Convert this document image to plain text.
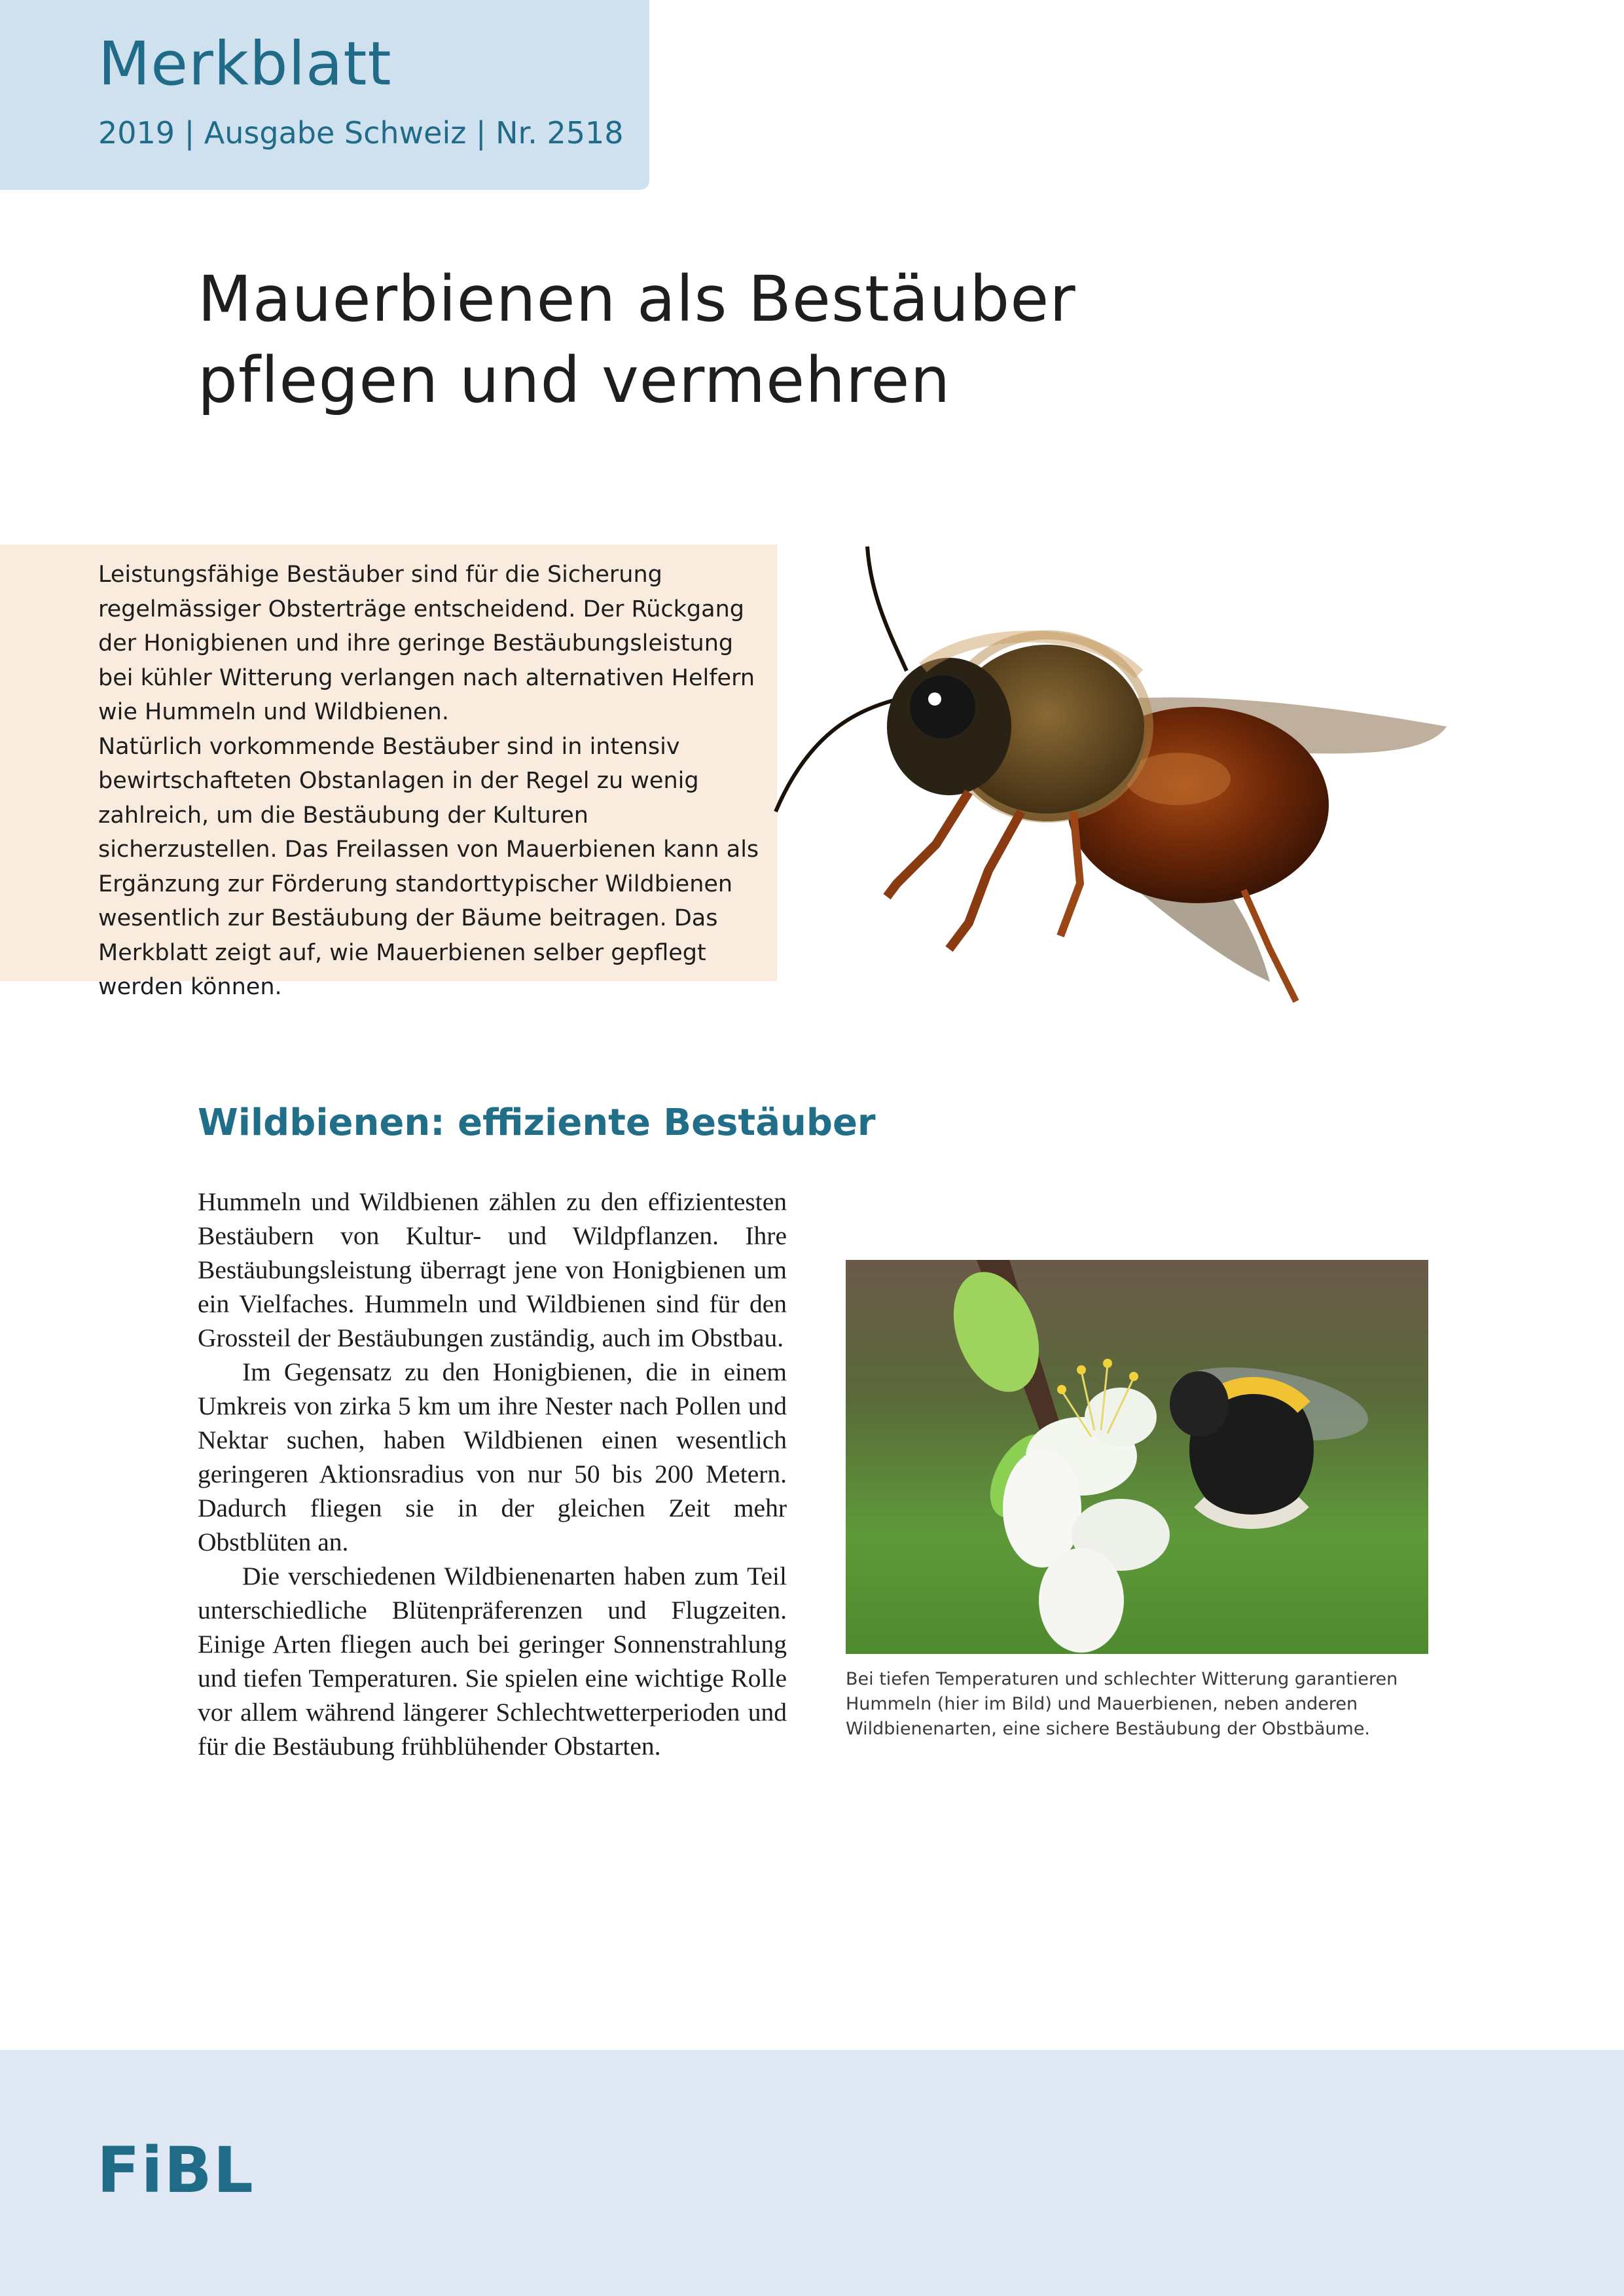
Merkblatt
2019 | Ausgabe Schweiz | Nr. 2518
Mauerbienen als Bestäuber
pflegen und vermehren

Leistungsfähige Bestäuber sind für die Sicherung regelmässiger Obsterträge entscheidend. Der Rückgang der Honigbienen und ihre geringe Bestäubungsleistung bei kühler Witterung verlangen nach alternativen Helfern wie Hummeln und Wildbienen.

Natürlich vorkommende Bestäuber sind in intensiv bewirtschafteten Obstanlagen in der Regel zu wenig zahlreich, um die Bestäubung der Kulturen sicherzustellen. Das Freilassen von Mauerbienen kann als Ergänzung zur Förderung standorttypischer Wildbienen wesentlich zur Bestäubung der Bäume beitragen. Das Merkblatt zeigt auf, wie Mauerbienen selber gepflegt werden können.

Wildbienen: effiziente Bestäuber

Hummeln und Wildbienen zählen zu den effizientesten Bestäubern von Kultur- und Wildpflanzen. Ihre Bestäubungsleistung überragt jene von Honigbienen um ein Vielfaches. Hummeln und Wildbienen sind für den Grossteil der Bestäubungen zuständig, auch im Obstbau.

Im Gegensatz zu den Honigbienen, die in einem Umkreis von zirka 5 km um ihre Nester nach Pollen und Nektar suchen, haben Wildbienen einen wesentlich geringeren Aktionsradius von nur 50 bis 200 Metern. Dadurch fliegen sie in der gleichen Zeit mehr Obstblüten an.

Die verschiedenen Wildbienenarten haben zum Teil unterschiedliche Blütenpräferenzen und Flugzeiten. Einige Arten fliegen auch bei geringer Sonnenstrahlung und tiefen Temperaturen. Sie spielen eine wichtige Rolle vor allem während längerer Schlechtwetterperioden und für die Bestäubung frühblühender Obstarten.

Bei tiefen Temperaturen und schlechter Witterung garantieren Hummeln (hier im Bild) und Mauerbienen, neben anderen Wildbienenarten, eine sichere Bestäubung der Obstbäume.
FiBL
